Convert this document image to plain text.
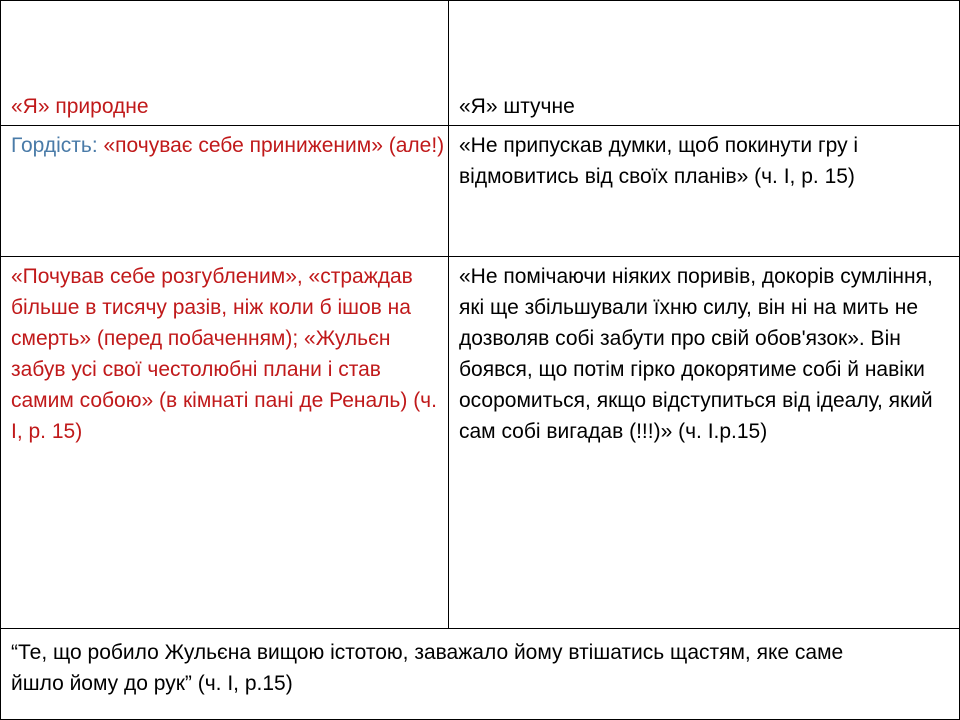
«Я» природне	«Я» штучне
Гордість: «почуває себе приниженим» (але!) «Не припускав думки, щоб покинути гру і відмовитись від своїх планів» (ч. I, р. 15)
«Почував себе розгубленим», «страждав більше в тисячу разів, ніж коли б ішов на смерть» (перед побаченням); «Жульєн забув усі свої честолюбні плани і став самим собою» (в кімнаті пані де Реналь) (ч. I, р. 15)
«Не помічаючи ніяких поривів, докорів сумління, які ще збільшували їхню силу, він ні на мить не дозволяв собі забути про свій обов'язок». Він боявся, що потім гірко докорятиме собі й навіки осоромиться, якщо відступиться від ідеалу, який сам собі вигадав (!!!)» (ч. I.р.15)
“Те, що робило Жульєна вищою істотою, заважало йому втішатись щастям, яке саме йшло йому до рук” (ч. I, р.15)
